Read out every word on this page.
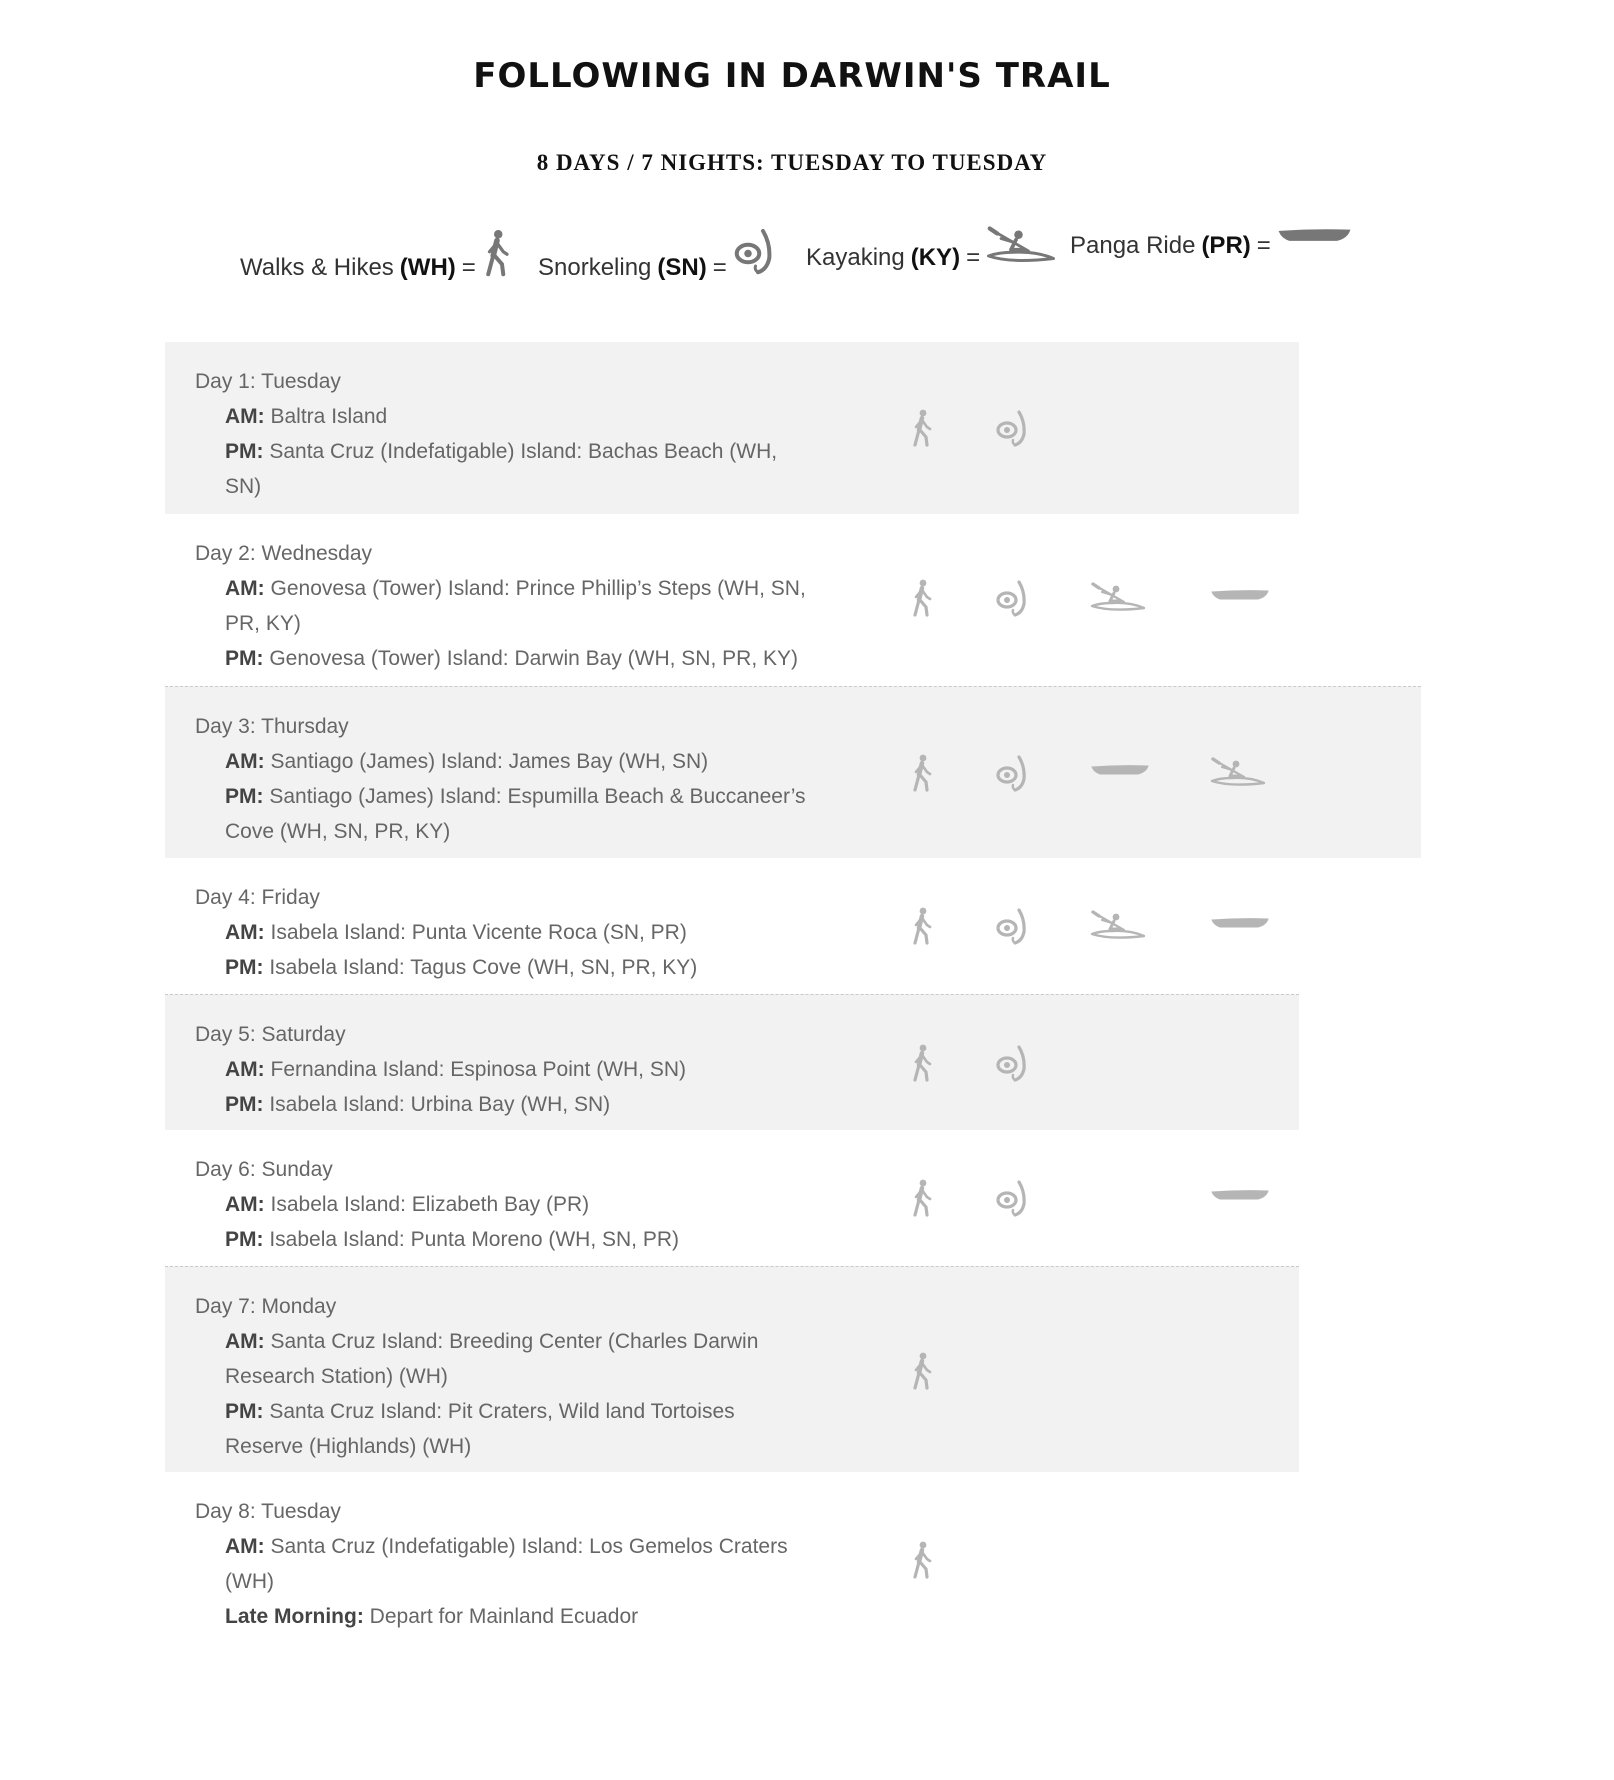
FOLLOWING IN DARWIN'S TRAIL
8 DAYS / 7 NIGHTS: TUESDAY TO TUESDAY
Walks & Hikes (WH) =	Snorkeling (SN) =	Kayaking (KY) =	Panga Ride (PR) =
Day 1: Tuesday
AM: Baltra Island
PM: Santa Cruz (Indefatigable) Island: Bachas Beach (WH, SN)
Day 2: Wednesday
AM: Genovesa (Tower) Island: Prince Phillip’s Steps (WH, SN, PR, KY)
PM: Genovesa (Tower) Island: Darwin Bay (WH, SN, PR, KY)
Day 3: Thursday
AM: Santiago (James) Island: James Bay (WH, SN)
PM: Santiago (James) Island: Espumilla Beach & Buccaneer’s Cove (WH, SN, PR, KY)
Day 4: Friday
AM: Isabela Island: Punta Vicente Roca (SN, PR)
PM: Isabela Island: Tagus Cove (WH, SN, PR, KY)
Day 5: Saturday
AM: Fernandina Island: Espinosa Point (WH, SN)
PM: Isabela Island: Urbina Bay (WH, SN)
Day 6: Sunday
AM: Isabela Island: Elizabeth Bay (PR)
PM: Isabela Island: Punta Moreno (WH, SN, PR)
Day 7: Monday
AM: Santa Cruz Island: Breeding Center (Charles Darwin Research Station) (WH)
PM: Santa Cruz Island: Pit Craters, Wild land Tortoises Reserve (Highlands) (WH)
Day 8: Tuesday
AM: Santa Cruz (Indefatigable) Island: Los Gemelos Craters (WH)
Late Morning: Depart for Mainland Ecuador
